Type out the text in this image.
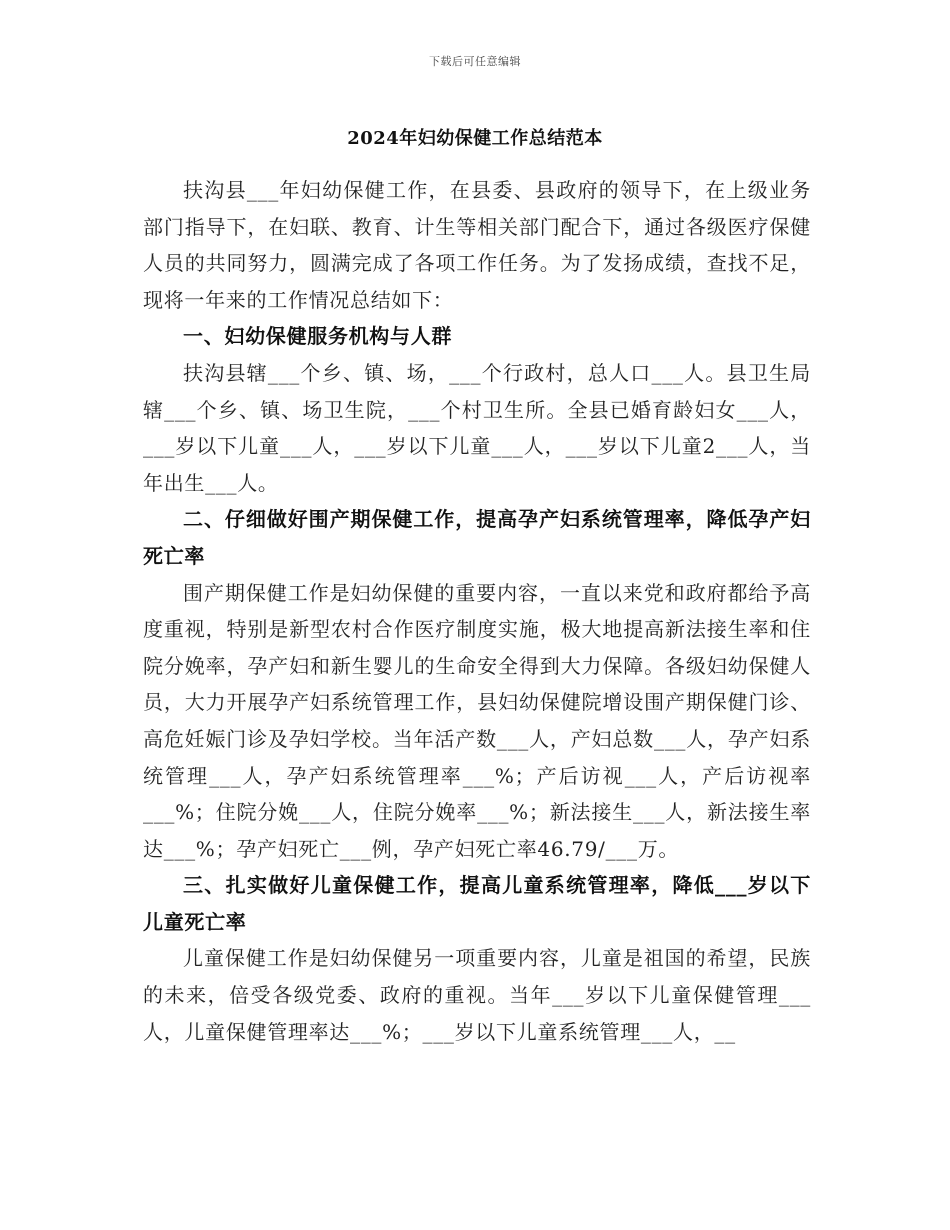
下载后可任意编辑
2024年妇幼保健工作总结范本

扶沟县___年妇幼保健工作，在县委、县政府的领导下，在上级业务部门指导下，在妇联、教育、计生等相关部门配合下，通过各级医疗保健人员的共同努力，圆满完成了各项工作任务。为了发扬成绩，查找不足，现将一年来的工作情况总结如下：

一、妇幼保健服务机构与人群

扶沟县辖___个乡、镇、场，___个行政村，总人口___人。县卫生局辖___个乡、镇、场卫生院，___个村卫生所。全县已婚育龄妇女___人，___岁以下儿童___人，___岁以下儿童___人，___岁以下儿童2___人，当年出生___人。

二、仔细做好围产期保健工作，提高孕产妇系统管理率，降低孕产妇死亡率

围产期保健工作是妇幼保健的重要内容，一直以来党和政府都给予高度重视，特别是新型农村合作医疗制度实施，极大地提高新法接生率和住院分娩率，孕产妇和新生婴儿的生命安全得到大力保障。各级妇幼保健人员，大力开展孕产妇系统管理工作，县妇幼保健院增设围产期保健门诊、高危妊娠门诊及孕妇学校。当年活产数___人，产妇总数___人，孕产妇系统管理___人，孕产妇系统管理率___%；产后访视___人，产后访视率___%；住院分娩___人，住院分娩率___%；新法接生___人，新法接生率达___%；孕产妇死亡___例，孕产妇死亡率46.79/___万。

三、扎实做好儿童保健工作，提高儿童系统管理率，降低___岁以下儿童死亡率

儿童保健工作是妇幼保健另一项重要内容，儿童是祖国的希望，民族的未来，倍受各级党委、政府的重视。当年___岁以下儿童保健管理___人，儿童保健管理率达___%；___岁以下儿童系统管理___人，__
